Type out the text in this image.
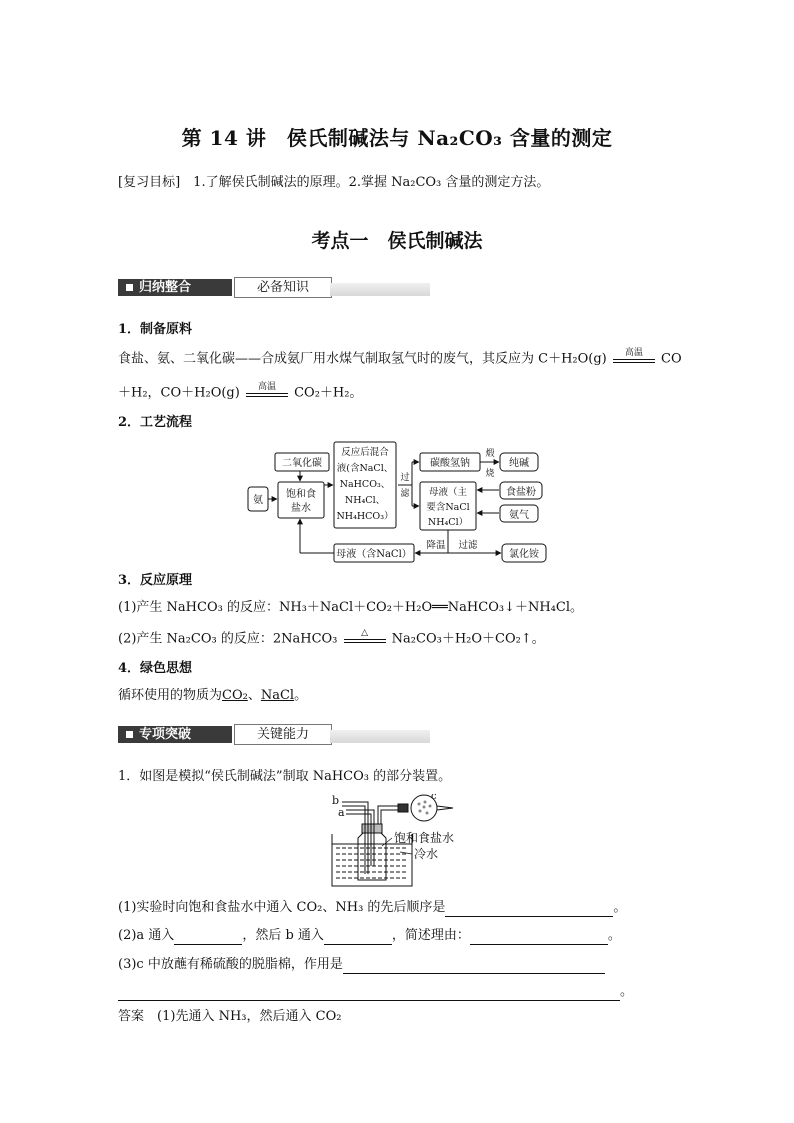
第 14 讲　侯氏制碱法与 Na₂CO₃ 含量的测定
[复习目标]　 1.了解侯氏制碱法的原理。2.掌握 Na₂CO₃ 含量的测定方法。
考点一　侯氏制碱法
归纳整合	必备知识
1．制备原料
食盐、氨、二氧化碳——合成氨厂用水煤气制取氢气时的废气，其反应为 C＋H₂O(g)	高温	CO
＋H₂，CO＋H₂O(g)	高温	CO₂＋H₂。
2．工艺流程
二氧化碳
氨
饱和食
盐水
反应后混合
液(含NaCl、
NaHCO₃、
NH₄Cl、
NH₄HCO₃）
过
滤
碳酸氢钠
煅
烧
纯碱
母液（主
要含NaCl
NH₄Cl）
食盐粉
氨气
母液（含NaCl）
降温 过滤
氯化铵
3．反应原理
(1)产生 NaHCO₃ 的反应：NH₃＋NaCl＋CO₂＋H₂O══NaHCO₃↓＋NH₄Cl。
(2)产生 Na₂CO₃ 的反应：2NaHCO₃	△	Na₂CO₃＋H₂O＋CO₂↑。
4．绿色思想
循环使用的物质为CO₂、NaCl。
专项突破	关键能力
1．如图是模拟“侯氏制碱法”制取 NaHCO₃ 的部分装置。
b
a
c
饱和食盐水
冷水
(1)实验时向饱和食盐水中通入 CO₂、NH₃ 的先后顺序是	。
(2)a 通入	，然后 b 通入	，简述理由：	。
(3)c 中放蘸有稀硫酸的脱脂棉，作用是
。
答案　 (1)先通入 NH₃，然后通入 CO₂
